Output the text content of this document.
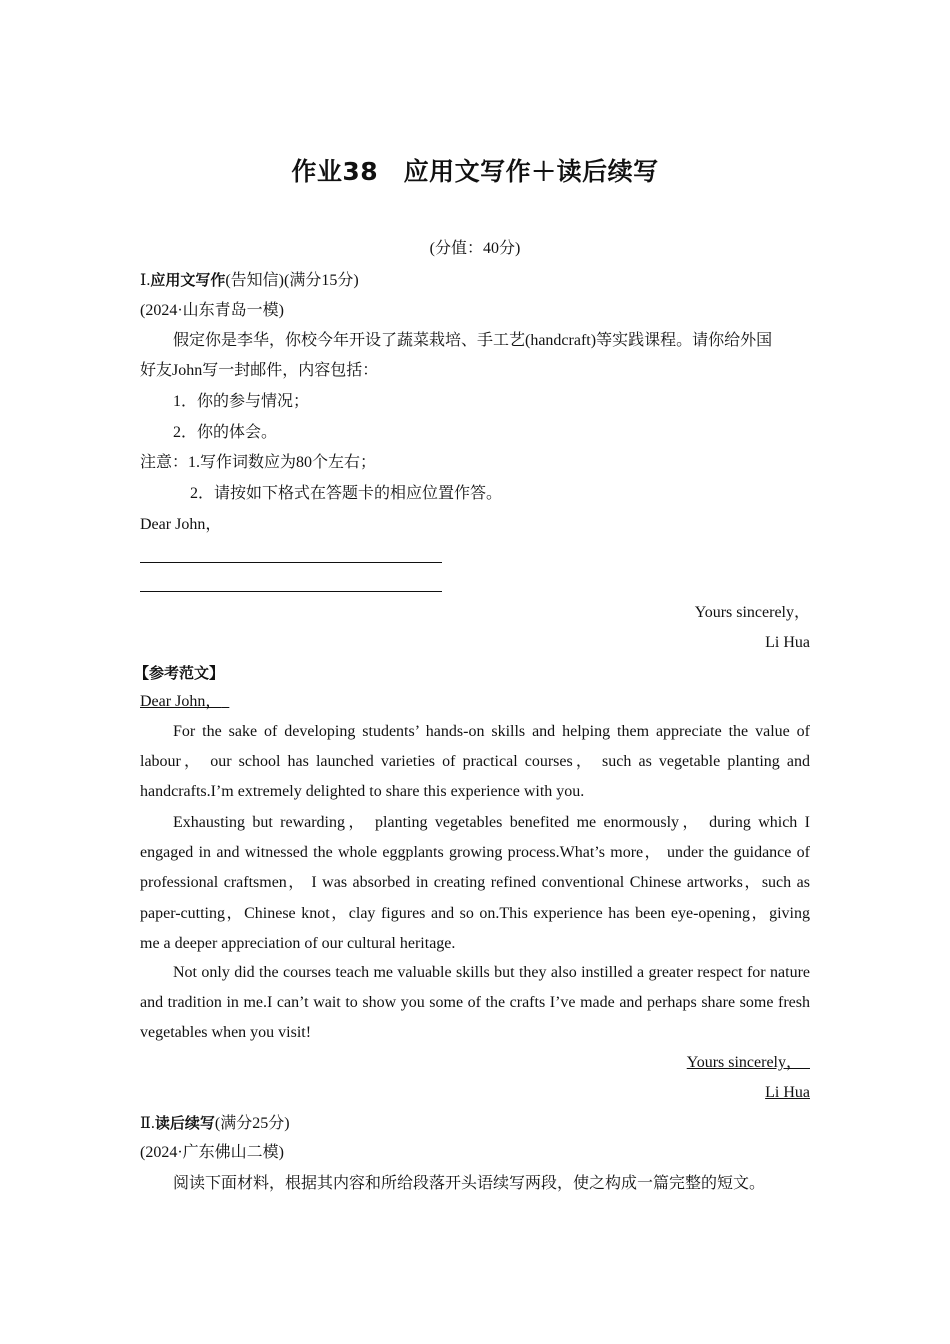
作业38　应用文写作＋读后续写
(分值：40分)
Ⅰ.应用文写作(告知信)(满分15分)
(2024·山东青岛一模)
假定你是李华，你校今年开设了蔬菜栽培、手工艺(handcraft)等实践课程。请你给外国
好友John写一封邮件，内容包括：
1．你的参与情况；
2．你的体会。
注意：1.写作词数应为80个左右；
2．请按如下格式在答题卡的相应位置作答。
Dear John，
Yours sincerely，
Li Hua
【参考范文】
Dear John，
For the sake of developing students’ hands-on skills and helping them appreciate the value of labour， our school has launched varieties of practical courses， such as vegetable planting and handcrafts.I’m extremely delighted to share this experience with you.
Exhausting but rewarding， planting vegetables benefited me enormously， during which I engaged in and witnessed the whole eggplants growing process.What’s more， under the guidance of professional craftsmen， I was absorbed in creating refined conventional Chinese artworks，such as paper-cutting，Chinese knot，clay figures and so on.This experience has been eye-opening，giving me a deeper appreciation of our cultural heritage.
Not only did the courses teach me valuable skills but they also instilled a greater respect for nature and tradition in me.I can’t wait to show you some of the crafts I’ve made and perhaps share some fresh vegetables when you visit!
Yours sincerely，
Li Hua
Ⅱ.读后续写(满分25分)
(2024·广东佛山二模)
阅读下面材料，根据其内容和所给段落开头语续写两段，使之构成一篇完整的短文。
